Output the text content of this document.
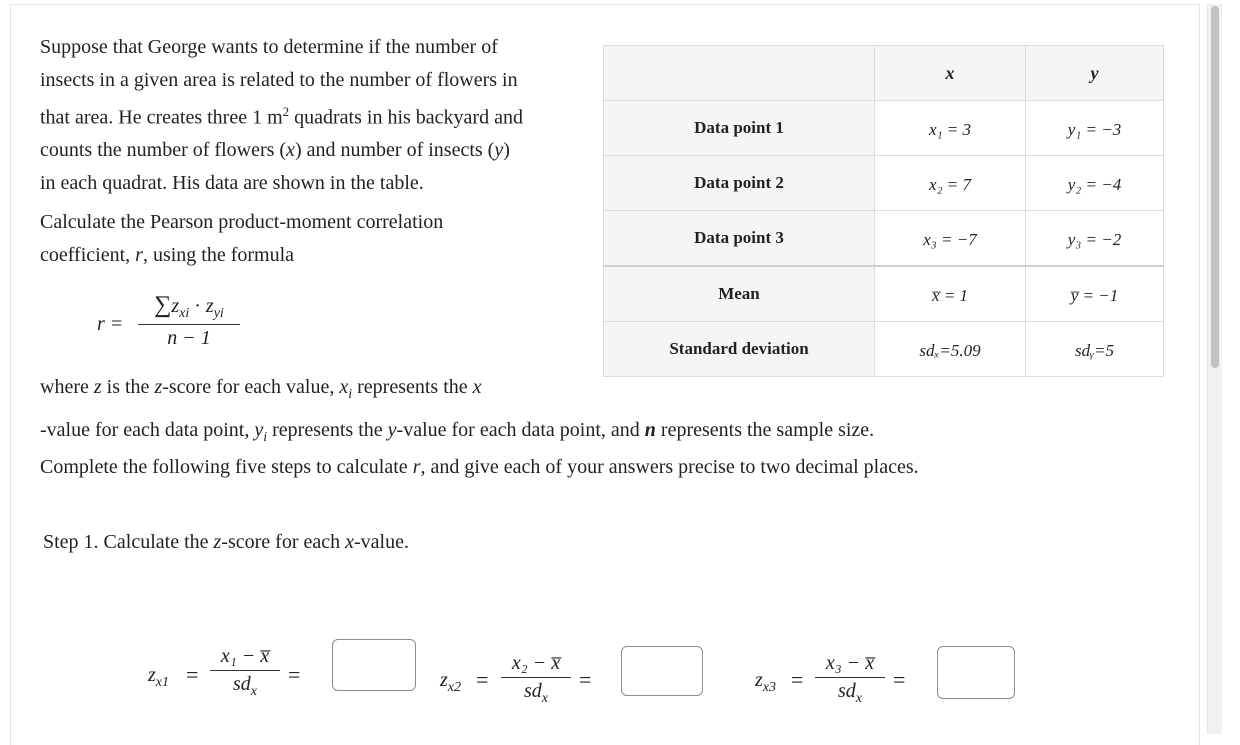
Suppose that George wants to determine if the number of
insects in a given area is related to the number of flowers in
that area. He creates three 1 $m^2$ quadrats in his backyard and
counts the number of flowers (x) and number of insects (y)
in each quadrat. His data are shown in the table.
Calculate the Pearson product-moment correlation
coefficient, r, using the formula
r =
$\sum z_{xi} \cdot z_{yi}$
n − 1
where z is the z-score for each value, $x_i$ represents the x
-value for each data point, $y_i$ represents the y-value for each data point, and n represents the sample size.
Complete the following five steps to calculate r, and give each of your answers precise to two decimal places.
Step 1. Calculate the z-score for each x-value.
	x	y
Data point 1	x₁ = 3	y₁ = −3
Data point 2	x₂ = 7	y₂ = −4
Data point 3	x₃ = −7	y₃ = −2
Mean	x̅ = 1	y̅ = −1
Standard deviation	sdₓ=5.09	sdᵧ=5
$z_{x1}$ =
x₁ − x̅
$sd_x$
=	$z_{x2}$ =
x₂ − x̅
$sd_x$
=	$z_{x3}$ =
x₃ − x̅
$sd_x$
=
